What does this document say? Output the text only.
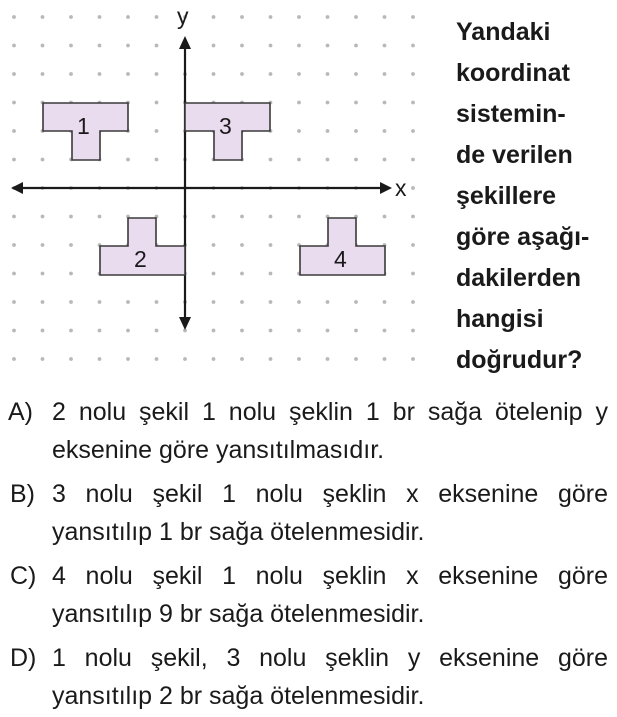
x
y
1	3
2	4
Yandaki
koordinat
sistemin-
de verilen
şekillere
göre aşağı-
dakilerden
hangisi
doğrudur?
A) 2 nolu şekil 1 nolu şeklin 1 br sağa ötelenip y
eksenine göre yansıtılmasıdır.
B) 3 nolu şekil 1 nolu şeklin x eksenine göre
yansıtılıp 1 br sağa ötelenmesidir.
C) 4 nolu şekil 1 nolu şeklin x eksenine göre
yansıtılıp 9 br sağa ötelenmesidir.
D) 1 nolu şekil, 3 nolu şeklin y eksenine göre
yansıtılıp 2 br sağa ötelenmesidir.
